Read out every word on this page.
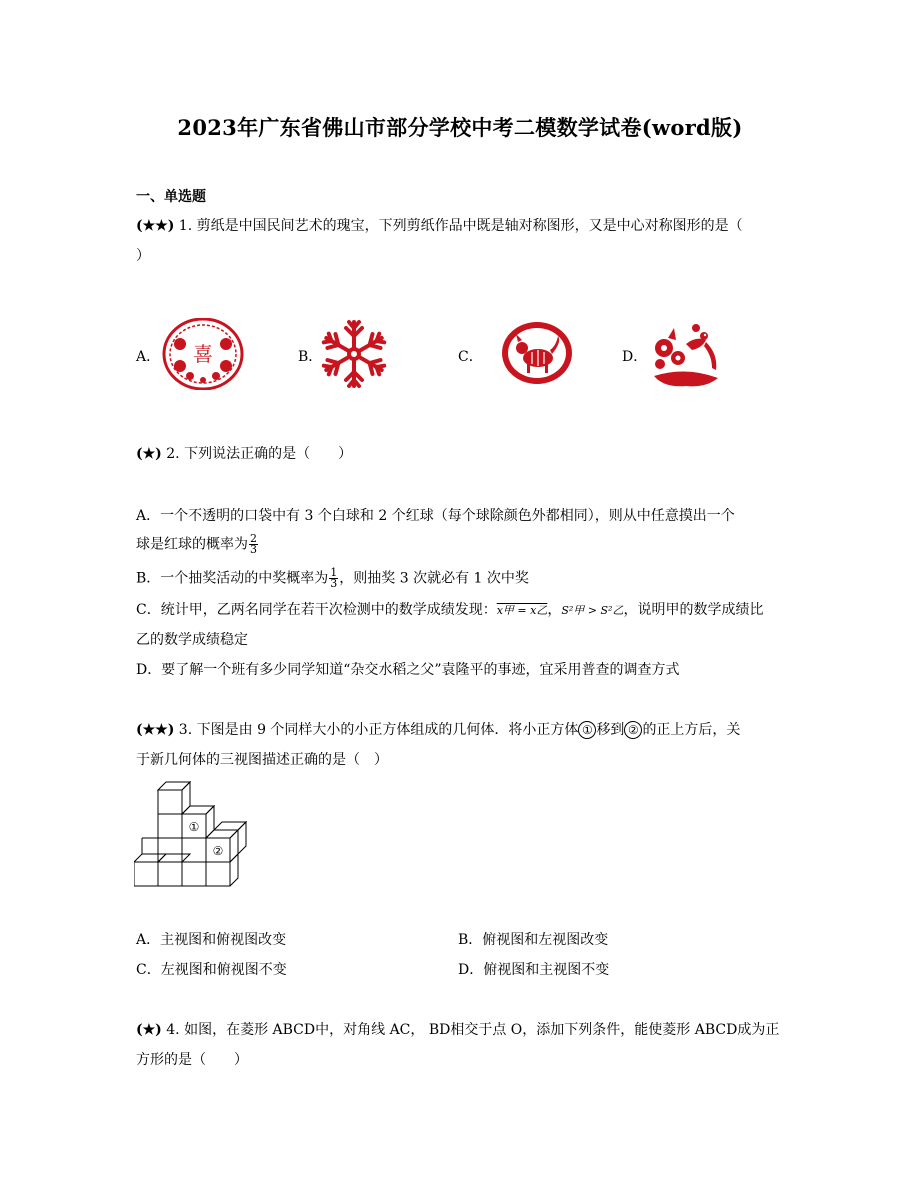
2023年广东省佛山市部分学校中考二模数学试卷(word版)
一、单选题
(★★) 1. 剪纸是中国民间艺术的瑰宝，下列剪纸作品中既是轴对称图形，又是中心对称图形的是（
）
A．	B．	C．	D．
喜
(★) 2. 下列说法正确的是（　　）
A．一个不透明的口袋中有 3 个白球和 2 个红球（每个球除颜色外都相同），则从中任意摸出一个
球是红球的概率为 $\frac{2}{3}$
B．一个抽奖活动的中奖概率为 $\frac{1}{3}$ ，则抽奖 3 次就必有 1 次中奖
C．统计甲，乙两名同学在若干次检测中的数学成绩发现：x甲 = x乙，S²甲 > S²乙，说明甲的数学成绩比
乙的数学成绩稳定
D．要了解一个班有多少同学知道“杂交水稻之父”袁隆平的事迹，宜采用普查的调查方式
(★★) 3. 下图是由 9 个同样大小的小正方体组成的几何体．将小正方体 ① 移到 ② 的正上方后，关
于新几何体的三视图描述正确的是（　）
①
②
A．主视图和俯视图改变	B．俯视图和左视图改变
C．左视图和俯视图不变	D．俯视图和主视图不变
(★) 4. 如图，在菱形 ABCD中，对角线 AC， BD相交于点 O，添加下列条件，能使菱形 ABCD成为正
方形的是（　　）
